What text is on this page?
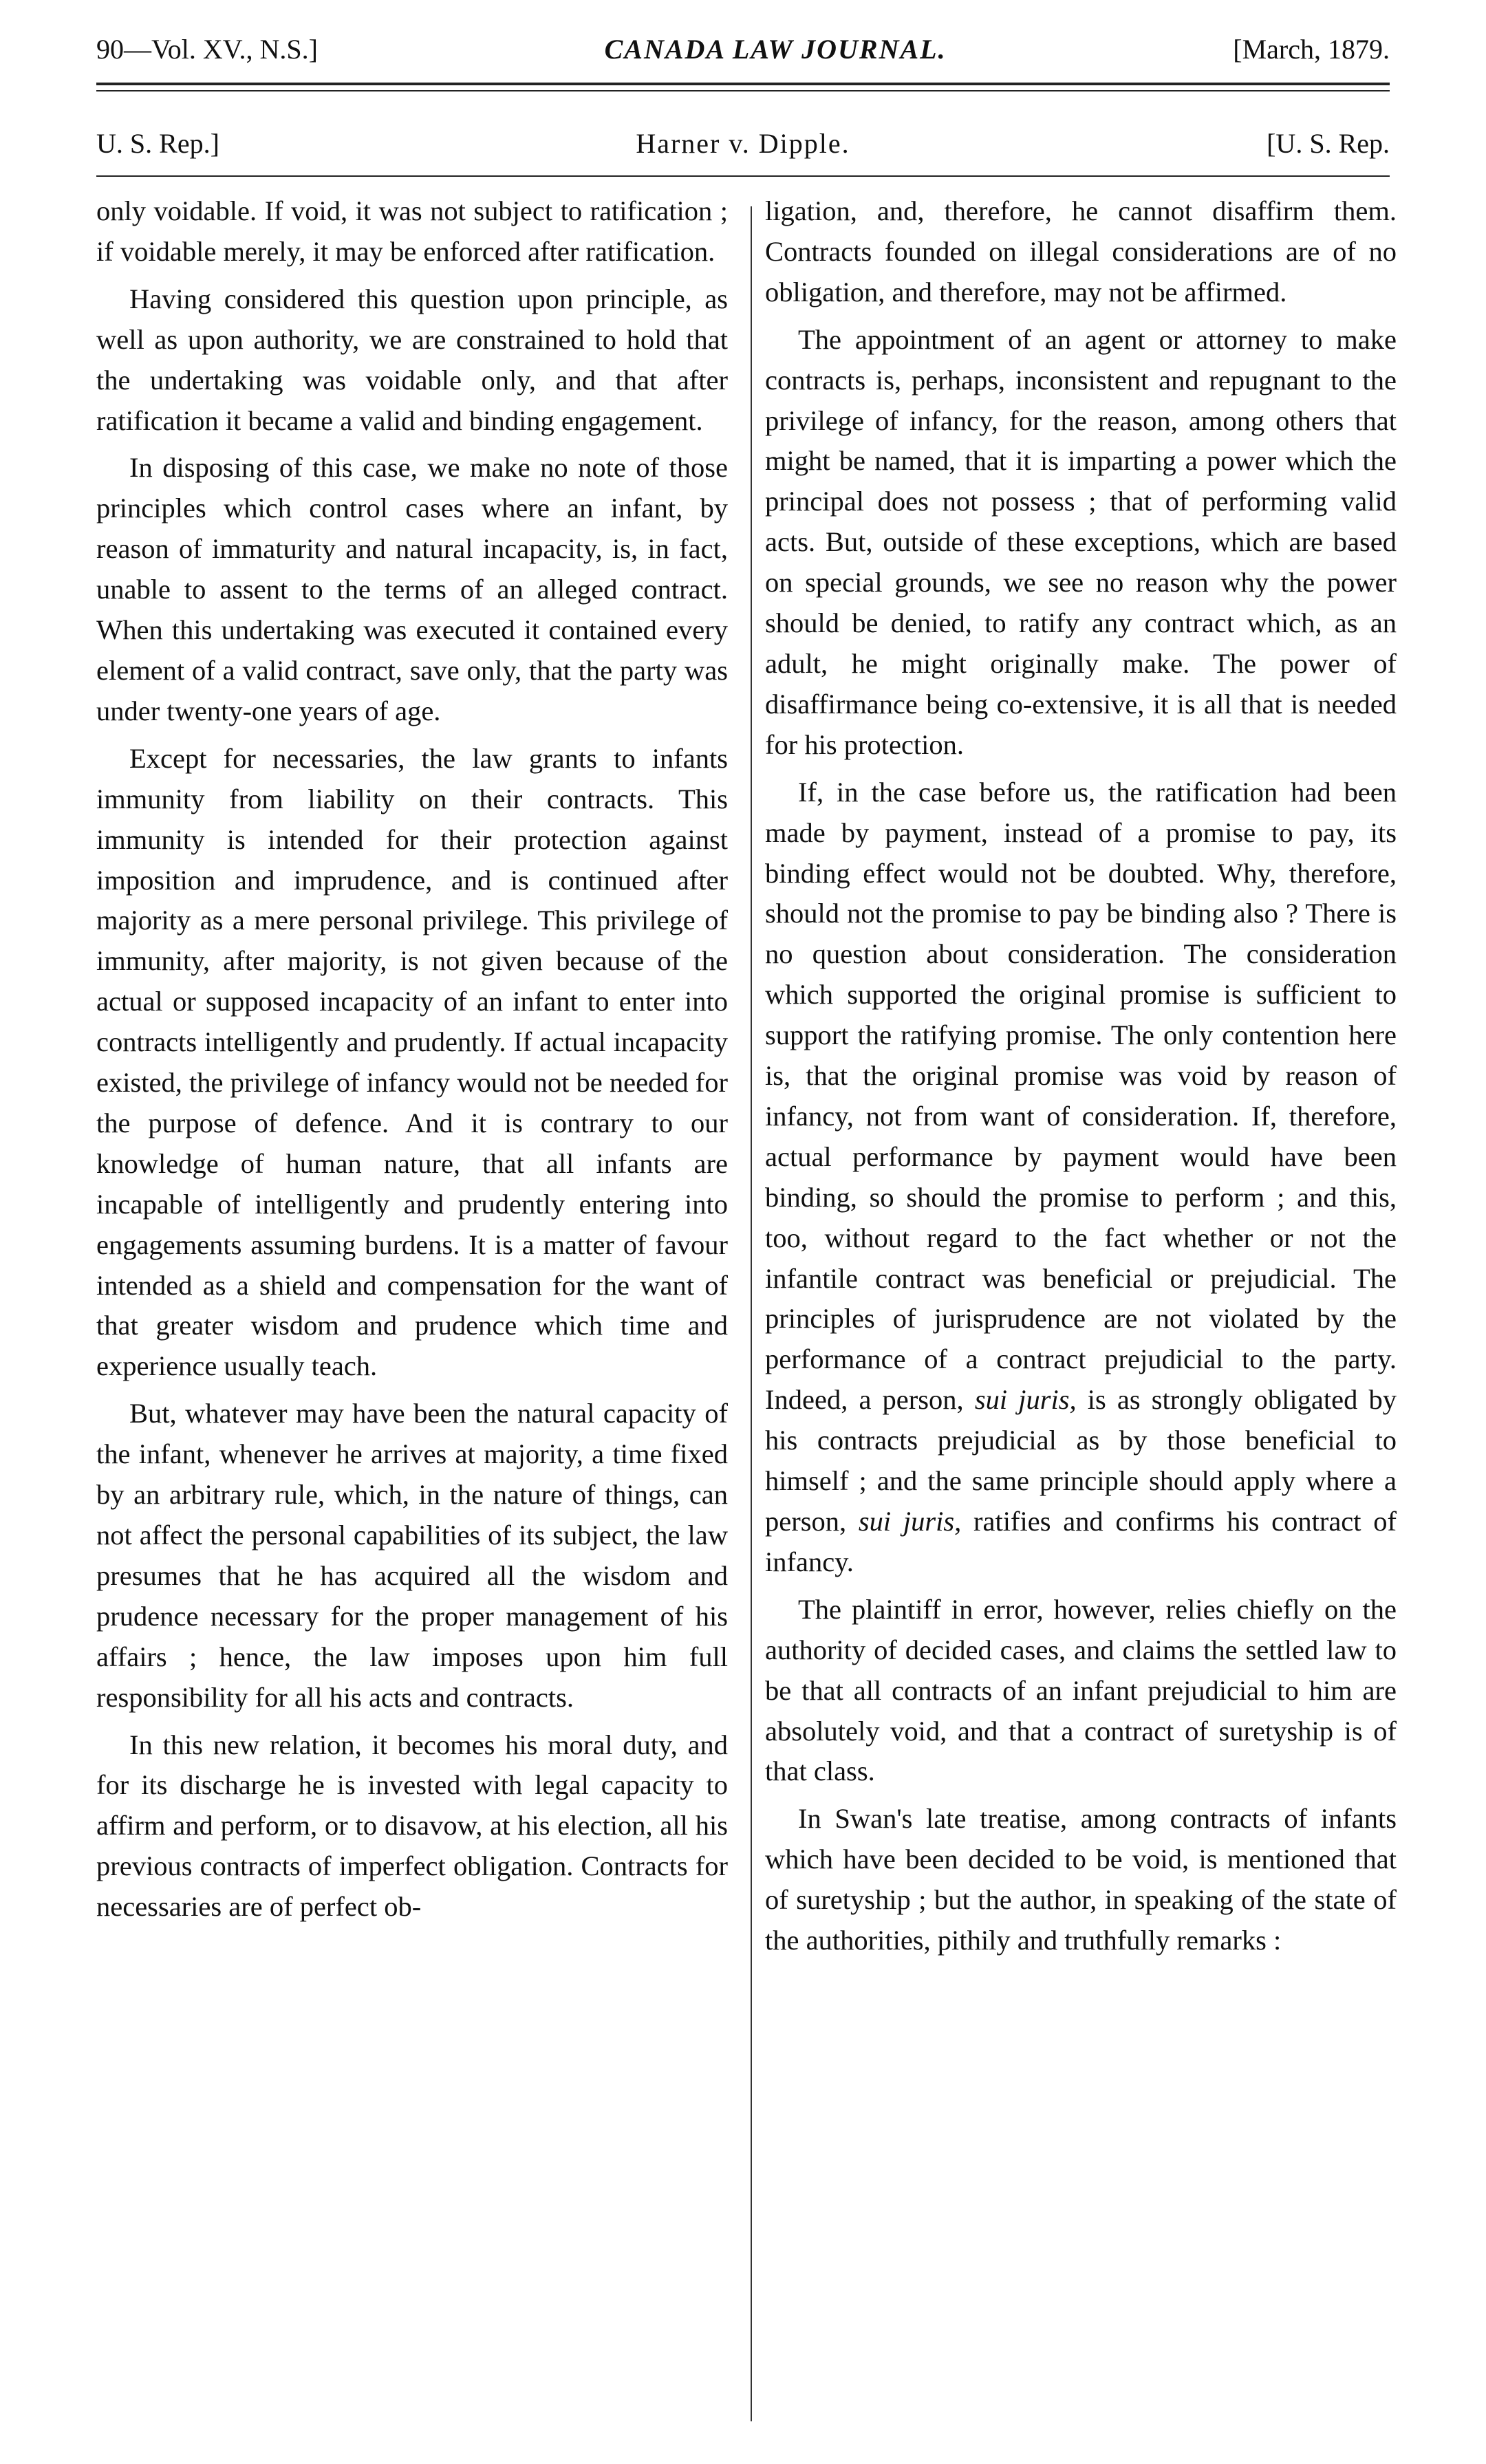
90—Vol. XV., N.S.]	CANADA LAW JOURNAL.	[March, 1879.
U. S. Rep.]	Harner v. Dipple.	[U. S. Rep.

only voidable. If void, it was not subject to ratification ; if voidable merely, it may be enforced after ratification.

Having considered this question upon principle, as well as upon authority, we are constrained to hold that the undertaking was voidable only, and that after ratification it became a valid and binding engagement.

In disposing of this case, we make no note of those principles which control cases where an infant, by reason of immaturity and natural incapacity, is, in fact, unable to assent to the terms of an alleged contract. When this undertaking was executed it contained every element of a valid contract, save only, that the party was under twenty-one years of age.

Except for necessaries, the law grants to infants immunity from liability on their contracts. This immunity is intended for their protection against imposition and imprudence, and is continued after majority as a mere personal privilege. This privilege of immunity, after majority, is not given because of the actual or supposed incapacity of an infant to enter into contracts intelligently and prudently. If actual incapacity existed, the privilege of infancy would not be needed for the purpose of defence. And it is contrary to our knowledge of human nature, that all infants are incapable of intelligently and prudently entering into engagements assuming burdens. It is a matter of favour intended as a shield and compensation for the want of that greater wisdom and prudence which time and experience usually teach.

But, whatever may have been the natural capacity of the infant, whenever he arrives at majority, a time fixed by an arbitrary rule, which, in the nature of things, can not affect the personal capabilities of its subject, the law presumes that he has acquired all the wisdom and prudence necessary for the proper management of his affairs ; hence, the law imposes upon him full responsibility for all his acts and contracts.

In this new relation, it becomes his moral duty, and for its discharge he is invested with legal capacity to affirm and perform, or to disavow, at his election, all his previous contracts of imperfect obligation. Contracts for necessaries are of perfect ob-

ligation, and, therefore, he cannot disaffirm them. Contracts founded on illegal considerations are of no obligation, and therefore, may not be affirmed.

The appointment of an agent or attorney to make contracts is, perhaps, inconsistent and repugnant to the privilege of infancy, for the reason, among others that might be named, that it is imparting a power which the principal does not possess ; that of performing valid acts. But, outside of these exceptions, which are based on special grounds, we see no reason why the power should be denied, to ratify any contract which, as an adult, he might originally make. The power of disaffirmance being co-extensive, it is all that is needed for his protection.

If, in the case before us, the ratification had been made by payment, instead of a promise to pay, its binding effect would not be doubted. Why, therefore, should not the promise to pay be binding also ? There is no question about consideration. The consideration which supported the original promise is sufficient to support the ratifying promise. The only contention here is, that the original promise was void by reason of infancy, not from want of consideration. If, therefore, actual performance by payment would have been binding, so should the promise to perform ; and this, too, without regard to the fact whether or not the infantile contract was beneficial or prejudicial. The principles of jurisprudence are not violated by the performance of a contract prejudicial to the party. Indeed, a person, sui juris, is as strongly obligated by his contracts prejudicial as by those beneficial to himself ; and the same principle should apply where a person, sui juris, ratifies and confirms his contract of infancy.

The plaintiff in error, however, relies chiefly on the authority of decided cases, and claims the settled law to be that all contracts of an infant prejudicial to him are absolutely void, and that a contract of suretyship is of that class.

In Swan's late treatise, among contracts of infants which have been decided to be void, is mentioned that of suretyship ; but the author, in speaking of the state of the authorities, pithily and truthfully remarks :
